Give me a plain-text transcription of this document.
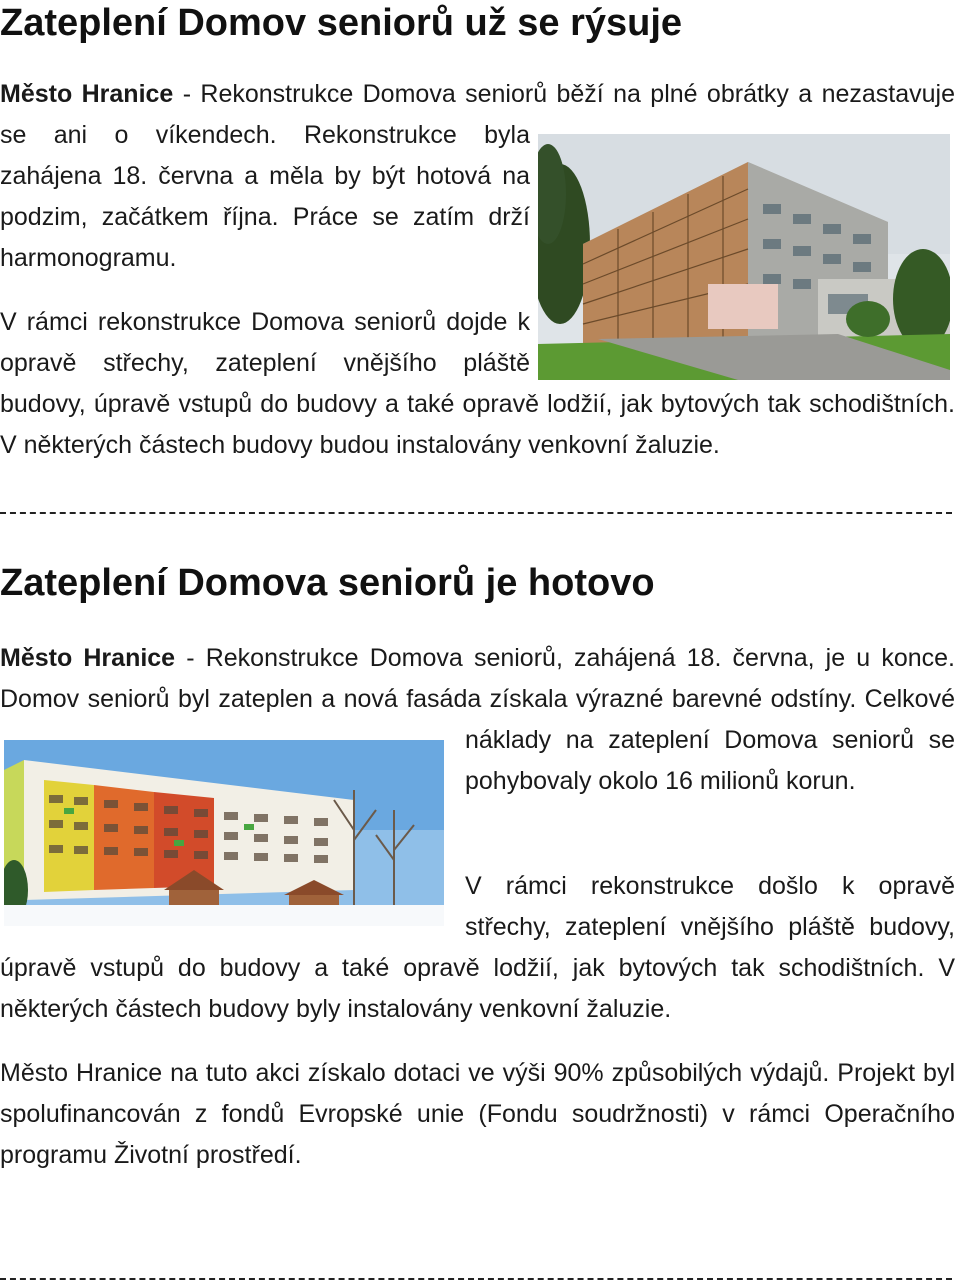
Zateplení Domov seniorů už se rýsuje

Město Hranice - Rekonstrukce Domova seniorů běží na plné obrátky a nezastavuje se ani o víkendech. Rekonstrukce byla zahájena 18. června a měla by být hotová na podzim, začátkem října. Práce se zatím drží harmonogramu.

V rámci rekonstrukce Domova seniorů dojde k opravě střechy, zateplení vnějšího pláště budovy, úpravě vstupů do budovy a také opravě lodžií, jak bytových tak schodištních. V některých částech budovy budou instalovány venkovní žaluzie.

Zateplení Domova seniorů je hotovo

Město Hranice - Rekonstrukce Domova seniorů, zahájená 18. června, je u konce. Domov seniorů byl zateplen a nová fasáda získala výrazné barevné odstíny. Celkové náklady na zateplení Domova seniorů se pohybovaly okolo 16 milionů korun.

V rámci rekonstrukce došlo k opravě střechy, zateplení vnějšího pláště budovy, úpravě vstupů do budovy a také opravě lodžií, jak bytových tak schodištních. V některých částech budovy byly instalovány venkovní žaluzie.

Město Hranice na tuto akci získalo dotaci ve výši 90% způsobilých výdajů. Projekt byl spolufinancován z fondů Evropské unie (Fondu soudržnosti) v rámci Operačního programu Životní prostředí.
